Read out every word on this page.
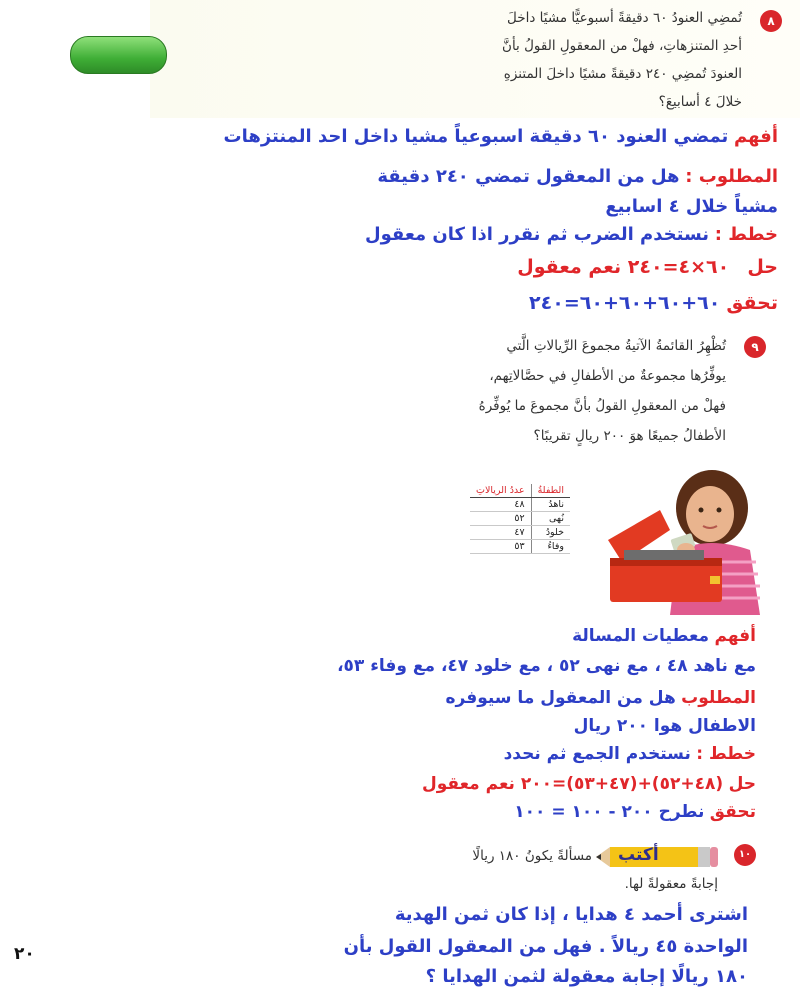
٨
تُمضِي العنودُ ٦٠ دقيقةً أسبوعيًّا مشيًا داخلَ
أحدِ المتنزهاتِ، فهلْ من المعقولِ القولُ بأنَّ
العنودَ تُمضِي ٢٤٠ دقيقةً مشيًا داخلَ المتنزهِ
خلالَ ٤ أسابيعَ؟
أفهم تمضي العنود ٦٠ دقيقة اسبوعياً مشيا داخل احد المنتزهات
المطلوب : هل من المعقول تمضي ٢٤٠ دقيقة
مشياً خلال ٤ اسابيع
خطط : نستخدم الضرب ثم نقرر اذا كان معقول
حل   ٦٠×٤=٢٤٠ نعم معقول
تحقق ٦٠+٦٠+٦٠+٦٠=٢٤٠
٩
تُظْهِرُ القائمةُ الآتيةُ مجموعَ الرِّيالاتِ الَّتي
يوفِّرُها مجموعةٌ من الأطفالِ في حصَّالاتِهم،
فهلْ من المعقولِ القولُ بأنَّ مجموعَ ما يُوفِّرهُ
الأطفالُ جميعًا هوَ ٢٠٠ ريالٍ تقريبًا؟
الطفلةُ	عددُ الريالاتِ
ناهدُ	٤٨
نُهى	٥٢
خلودُ	٤٧
وفاءُ	٥٣
أفهم معطيات المسالة
مع ناهد ٤٨ ، مع نهى ٥٢ ، مع خلود ٤٧، مع وفاء ٥٣،
المطلوب هل من المعقول ما سيوفره
الاطفال هوا ٢٠٠ ريال
خطط : نستخدم الجمع ثم نحدد
حل (٤٨+٥٢)+(٤٧+٥٣)=٢٠٠ نعم معقول
تحقق نطرح ٢٠٠ - ١٠٠ = ١٠٠
١٠
أكتب
مسألةً يكونُ ١٨٠ ريالًا
إجابةً معقولةً لها.
اشترى أحمد ٤ هدايا ، إذا كان ثمن الهدية
الواحدة ٤٥ ريالاً . فهل من المعقول القول بأن
١٨٠ ريالًا إجابة معقولة لثمن الهدايا ؟
٢٠
